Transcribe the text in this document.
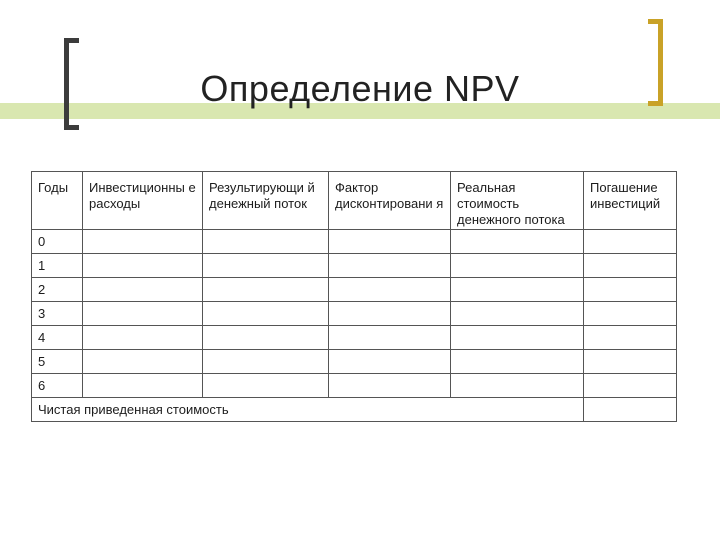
Определение NPV
Годы	Инвестиционны е расходы	Результирующи й денежный поток	Фактор дисконтировани я	Реальная стоимость денежного потока	Погашение инвестиций
0					
1					
2					
3					
4					
5					
6					
Чистая приведенная стоимость					
